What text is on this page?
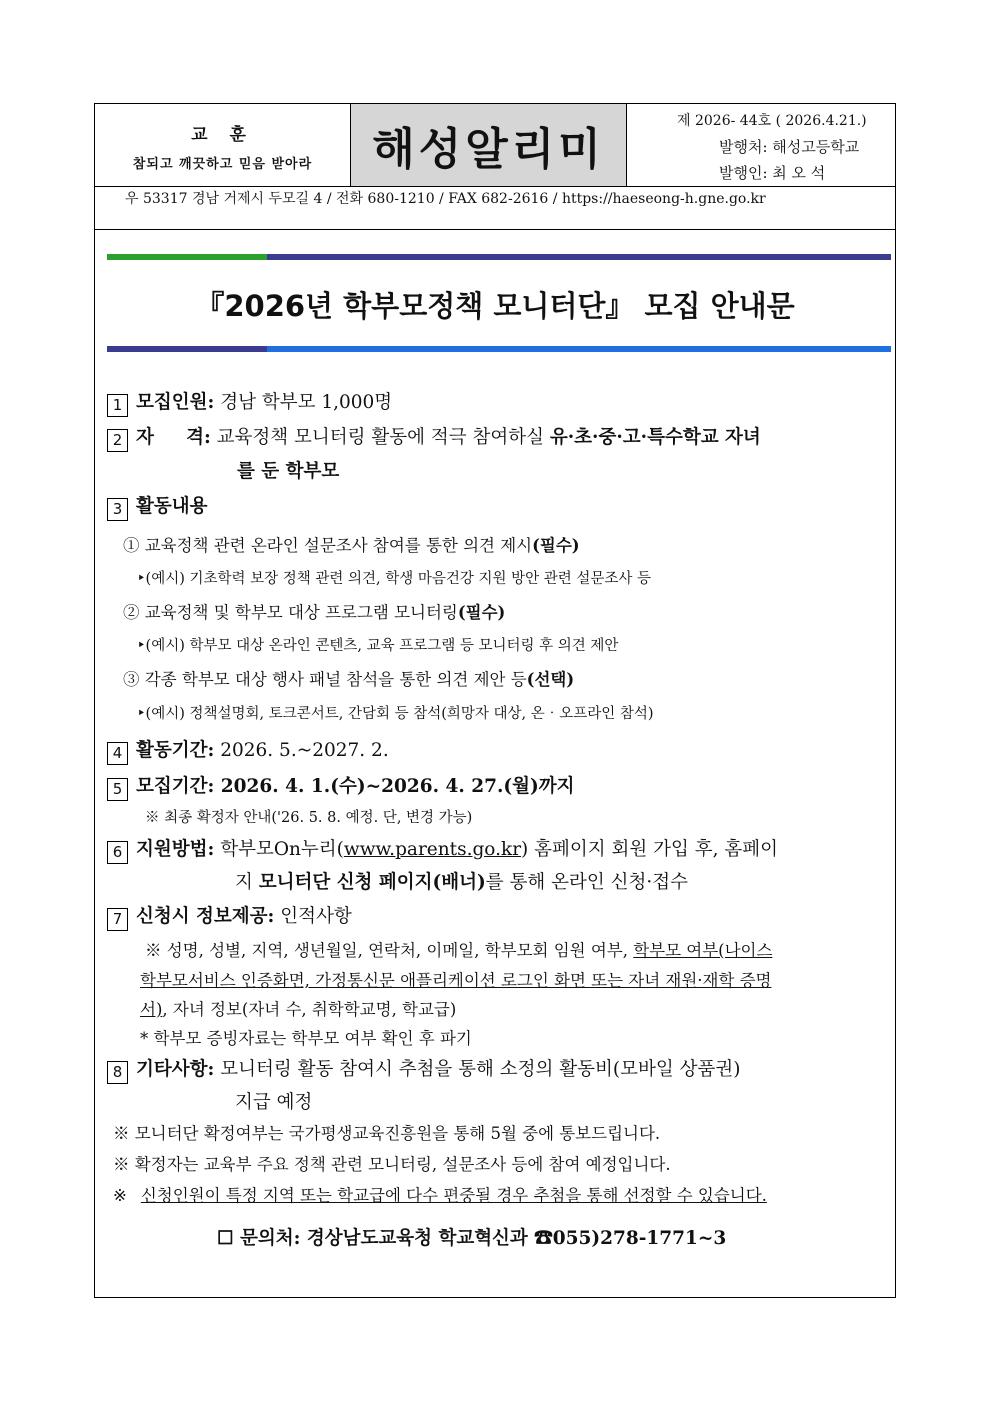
교 훈
참되고 깨끗하고 믿음 받아라	해성알리미
제 2026- 44호 ( 2026.4.21.)
발행처: 해성고등학교
발행인: 최 오 석
우 53317 경남 거제시 두모길 4 / 전화 680-1210 / FAX 682-2616 / https://haeseong-h.gne.go.kr
『2026년 학부모정책 모니터단』 모집 안내문
1 모집인원: 경남 학부모 1,000명
2 자     격: 교육정책 모니터링 활동에 적극 참여하실 유·초·중·고·특수학교 자녀
를 둔 학부모
3 활동내용
① 교육정책 관련 온라인 설문조사 참여를 통한 의견 제시(필수)
‣(예시) 기초학력 보장 정책 관련 의견, 학생 마음건강 지원 방안 관련 설문조사 등
② 교육정책 및 학부모 대상 프로그램 모니터링(필수)
‣(예시) 학부모 대상 온라인 콘텐츠, 교육 프로그램 등 모니터링 후 의견 제안
③ 각종 학부모 대상 행사 패널 참석을 통한 의견 제안 등(선택)
‣(예시) 정책설명회, 토크콘서트, 간담회 등 참석(희망자 대상, 온‧오프라인 참석)
4 활동기간: 2026. 5.~2027. 2.
5 모집기간: 2026. 4. 1.(수)~2026. 4. 27.(월)까지
※ 최종 확정자 안내('26. 5. 8. 예정. 단, 변경 가능)
6 지원방법: 학부모On누리(www.parents.go.kr) 홈페이지 회원 가입 후, 홈페이
지 모니터단 신청 페이지(배너)를 통해 온라인 신청·접수
7 신청시 정보제공: 인적사항
※ 성명, 성별, 지역, 생년월일, 연락처, 이메일, 학부모회 임원 여부, 학부모 여부(나이스
학부모서비스 인증화면, 가정통신문 애플리케이션 로그인 화면 또는 자녀 재원·재학 증명
서), 자녀 정보(자녀 수, 취학학교명, 학교급)
* 학부모 증빙자료는 학부모 여부 확인 후 파기
8 기타사항: 모니터링 활동 참여시 추첨을 통해 소정의 활동비(모바일 상품권)
지급 예정
※ 모니터단 확정여부는 국가평생교육진흥원을 통해 5월 중에 통보드립니다.
※ 확정자는 교육부 주요 정책 관련 모니터링, 설문조사 등에 참여 예정입니다.
※ 신청인원이 특정 지역 또는 학교급에 다수 편중될 경우 추첨을 통해 선정할 수 있습니다.
☐ 문의처: 경상남도교육청 학교혁신과 ☎055)278-1771~3
